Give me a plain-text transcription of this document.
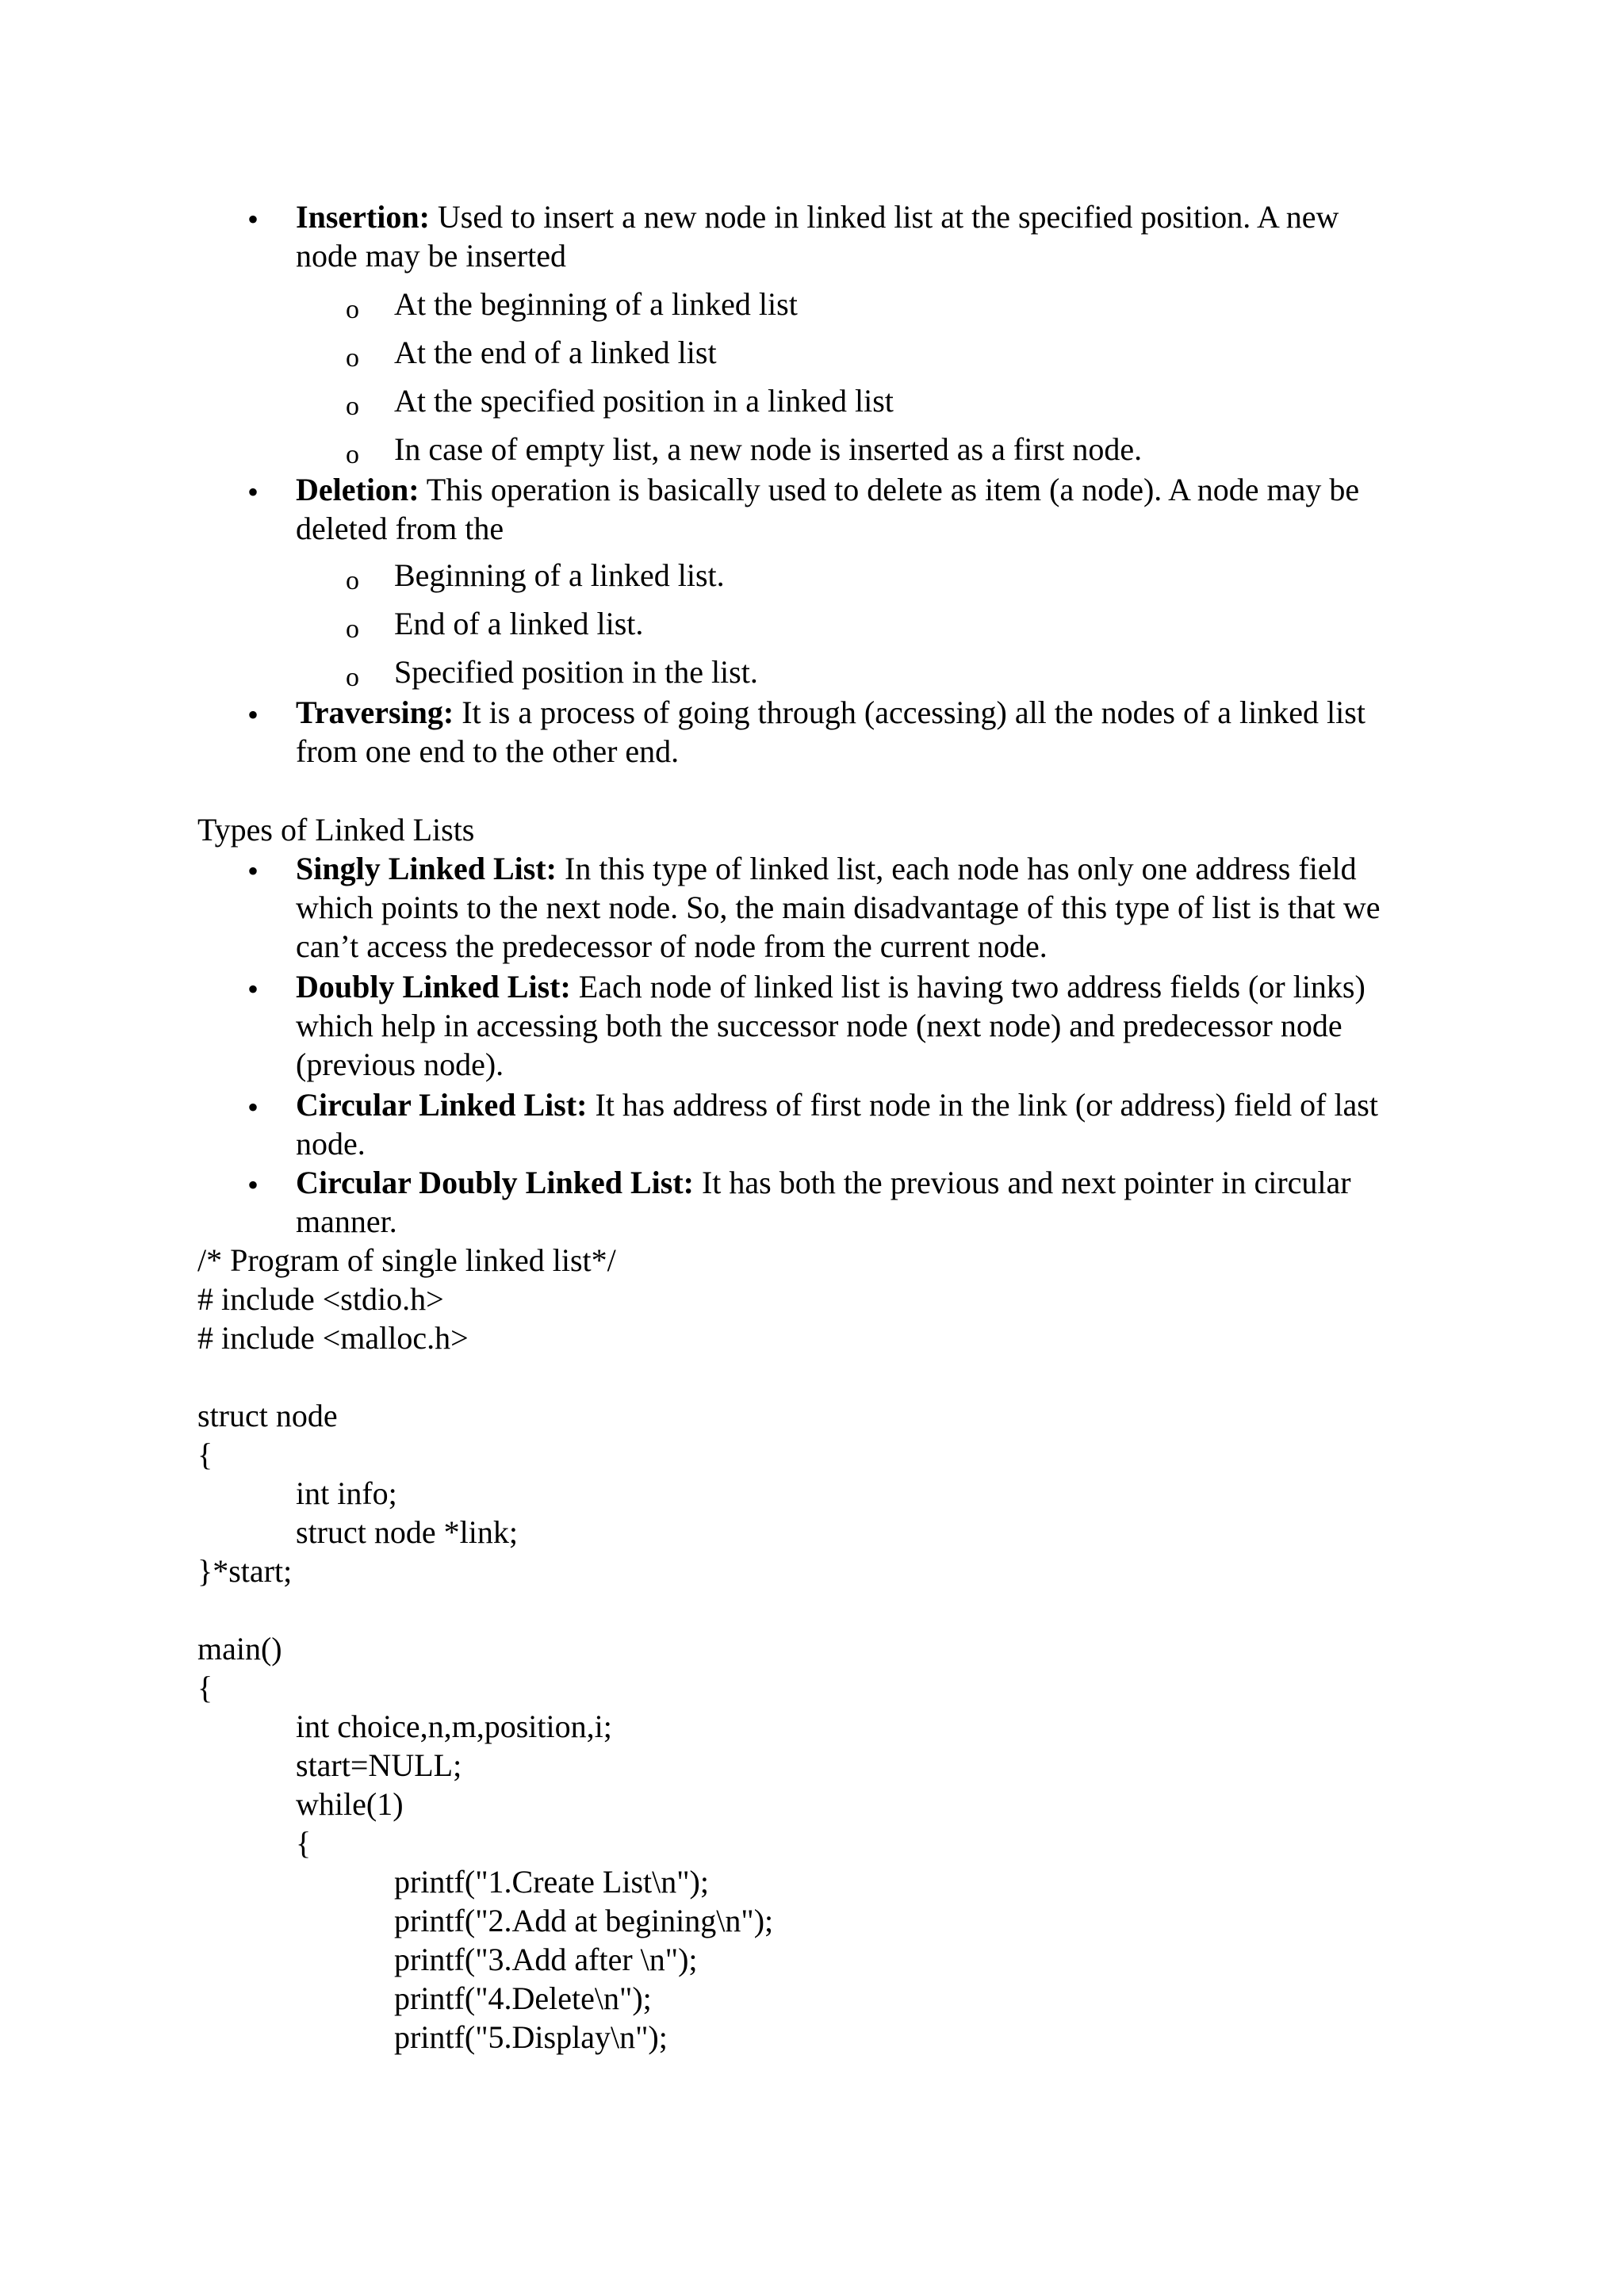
• Insertion: Used to insert a new node in linked list at the specified position. A new
node may be inserted
o At the beginning of a linked list
o At the end of a linked list
o At the specified position in a linked list
o In case of empty list, a new node is inserted as a first node.
• Deletion: This operation is basically used to delete as item (a node). A node may be
deleted from the
o Beginning of a linked list.
o End of a linked list.
o Specified position in the list.
• Traversing: It is a process of going through (accessing) all the nodes of a linked list
from one end to the other end.
Types of Linked Lists
• Singly Linked List: In this type of linked list, each node has only one address field
which points to the next node. So, the main disadvantage of this type of list is that we
can’t access the predecessor of node from the current node.
• Doubly Linked List: Each node of linked list is having two address fields (or links)
which help in accessing both the successor node (next node) and predecessor node
(previous node).
• Circular Linked List: It has address of first node in the link (or address) field of last
node.
• Circular Doubly Linked List: It has both the previous and next pointer in circular
manner.
/* Program of single linked list*/
# include <stdio.h>
# include <malloc.h>
struct node
{
int info;
struct node *link;
}*start;
main()
{
int choice,n,m,position,i;
start=NULL;
while(1)
{
printf("1.Create List\n");
printf("2.Add at begining\n");
printf("3.Add after \n");
printf("4.Delete\n");
printf("5.Display\n");
